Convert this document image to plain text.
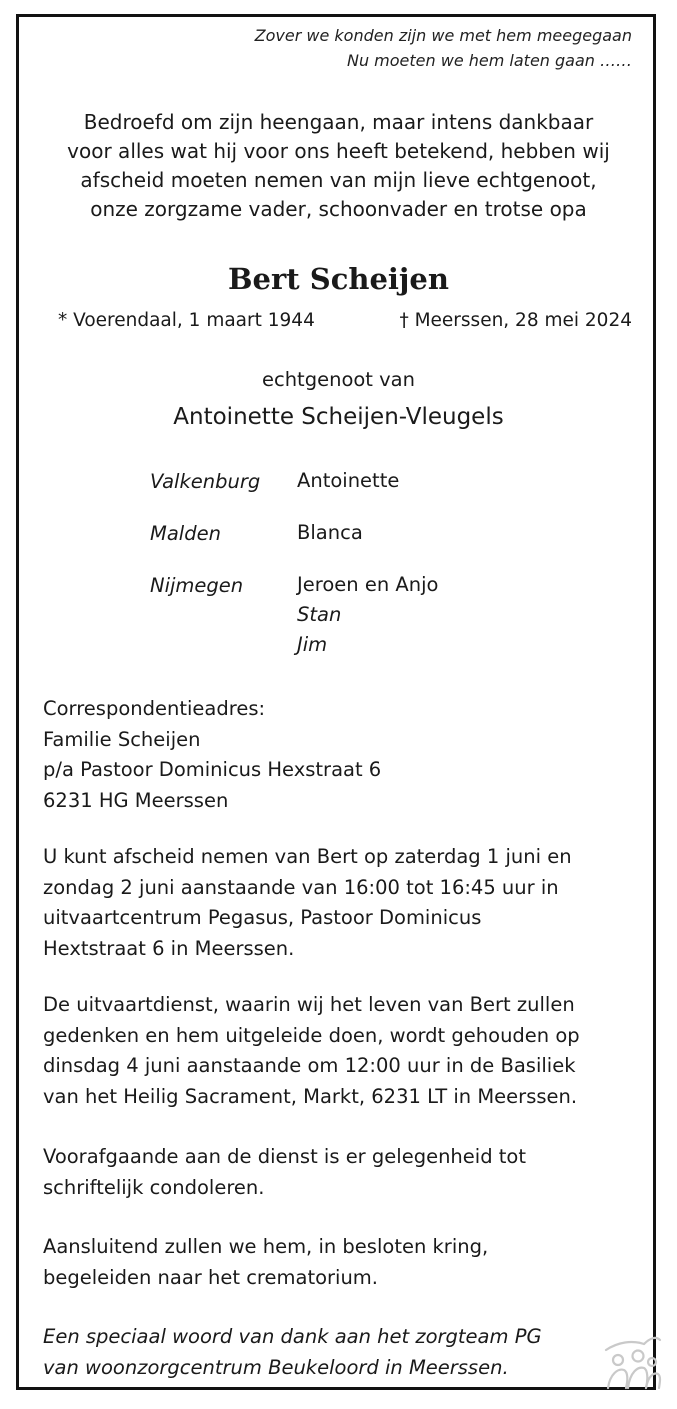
Zover we konden zijn we met hem meegegaan
Nu moeten we hem laten gaan ……
Bedroefd om zijn heengaan, maar intens dankbaar
voor alles wat hij voor ons heeft betekend, hebben wij
afscheid moeten nemen van mijn lieve echtgenoot,
onze zorgzame vader, schoonvader en trotse opa
Bert Scheijen
* Voerendaal, 1 maart 1944	† Meerssen, 28 mei 2024
echtgenoot van
Antoinette Scheijen-Vleugels
Valkenburg Antoinette
Malden	Blanca
Nijmegen	Jeroen en Anjo
Stan
Jim
Correspondentieadres:
Familie Scheijen
p/a Pastoor Dominicus Hexstraat 6
6231 HG Meerssen
U kunt afscheid nemen van Bert op zaterdag 1 juni en
zondag 2 juni aanstaande van 16:00 tot 16:45 uur in
uitvaartcentrum Pegasus, Pastoor Dominicus
Hextstraat 6 in Meerssen.
De uitvaartdienst, waarin wij het leven van Bert zullen
gedenken en hem uitgeleide doen, wordt gehouden op
dinsdag 4 juni aanstaande om 12:00 uur in de Basiliek
van het Heilig Sacrament, Markt, 6231 LT in Meerssen.
Voorafgaande aan de dienst is er gelegenheid tot
schriftelijk condoleren.
Aansluitend zullen we hem, in besloten kring,
begeleiden naar het crematorium.
Een speciaal woord van dank aan het zorgteam PG
van woonzorgcentrum Beukeloord in Meerssen.
